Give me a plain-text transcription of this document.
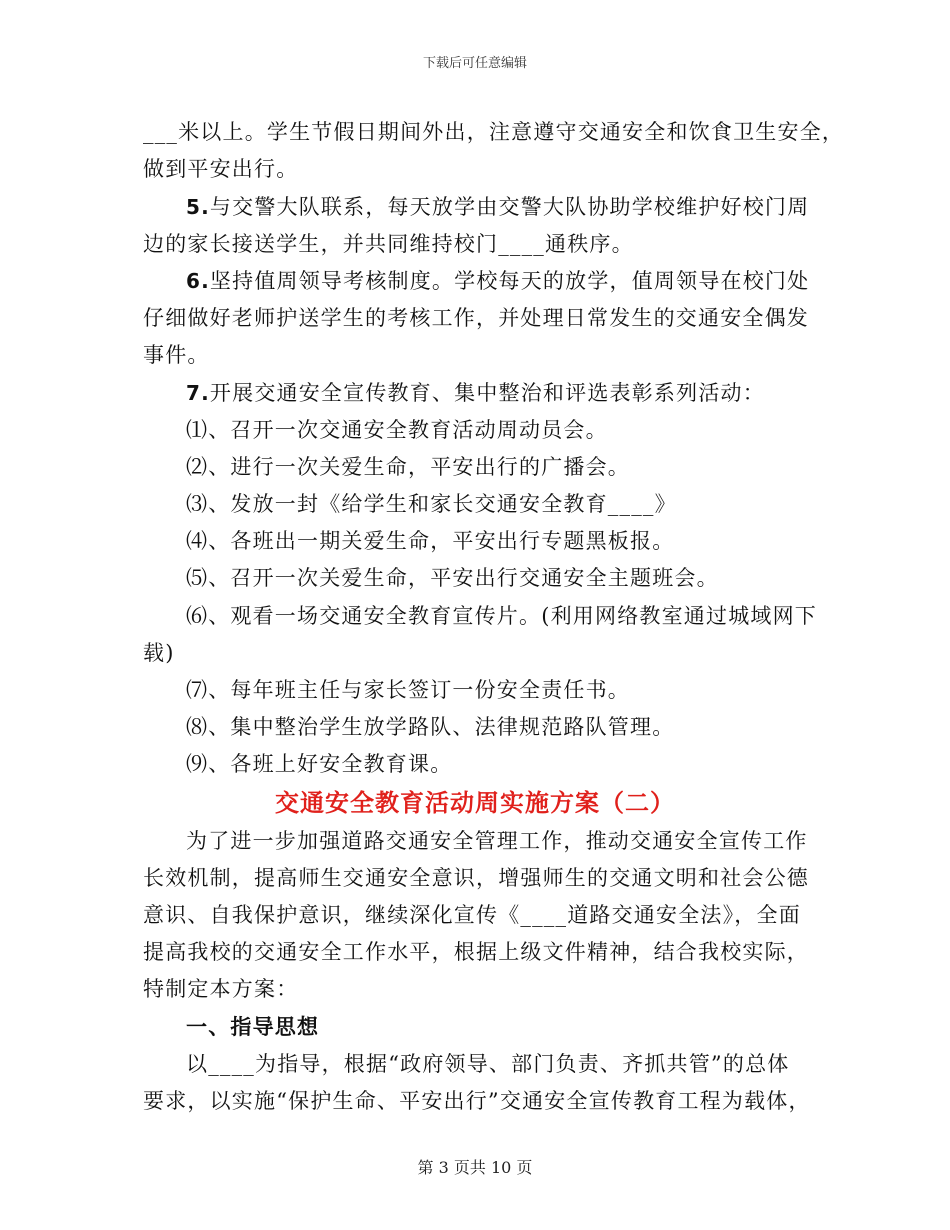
下载后可任意编辑
___米以上。学生节假日期间外出，注意遵守交通安全和饮食卫生安全，
做到平安出行。
5.与交警大队联系，每天放学由交警大队协助学校维护好校门周
边的家长接送学生，并共同维持校门____通秩序。
6.坚持值周领导考核制度。学校每天的放学，值周领导在校门处
仔细做好老师护送学生的考核工作，并处理日常发生的交通安全偶发
事件。
7.开展交通安全宣传教育、集中整治和评选表彰系列活动：
⑴、召开一次交通安全教育活动周动员会。
⑵、进行一次关爱生命，平安出行的广播会。
⑶、发放一封《给学生和家长交通安全教育____》
⑷、各班出一期关爱生命，平安出行专题黑板报。
⑸、召开一次关爱生命，平安出行交通安全主题班会。
⑹、观看一场交通安全教育宣传片。(利用网络教室通过城域网下
载)
⑺、每年班主任与家长签订一份安全责任书。
⑻、集中整治学生放学路队、法律规范路队管理。
⑼、各班上好安全教育课。
交通安全教育活动周实施方案（二）
为了进一步加强道路交通安全管理工作，推动交通安全宣传工作
长效机制，提高师生交通安全意识，增强师生的交通文明和社会公德
意识、自我保护意识，继续深化宣传《____道路交通安全法》，全面
提高我校的交通安全工作水平，根据上级文件精神，结合我校实际，
特制定本方案：
一、指导思想
以____为指导，根据“政府领导、部门负责、齐抓共管”的总体
要求，以实施“保护生命、平安出行”交通安全宣传教育工程为载体，
第 3 页共 10 页
